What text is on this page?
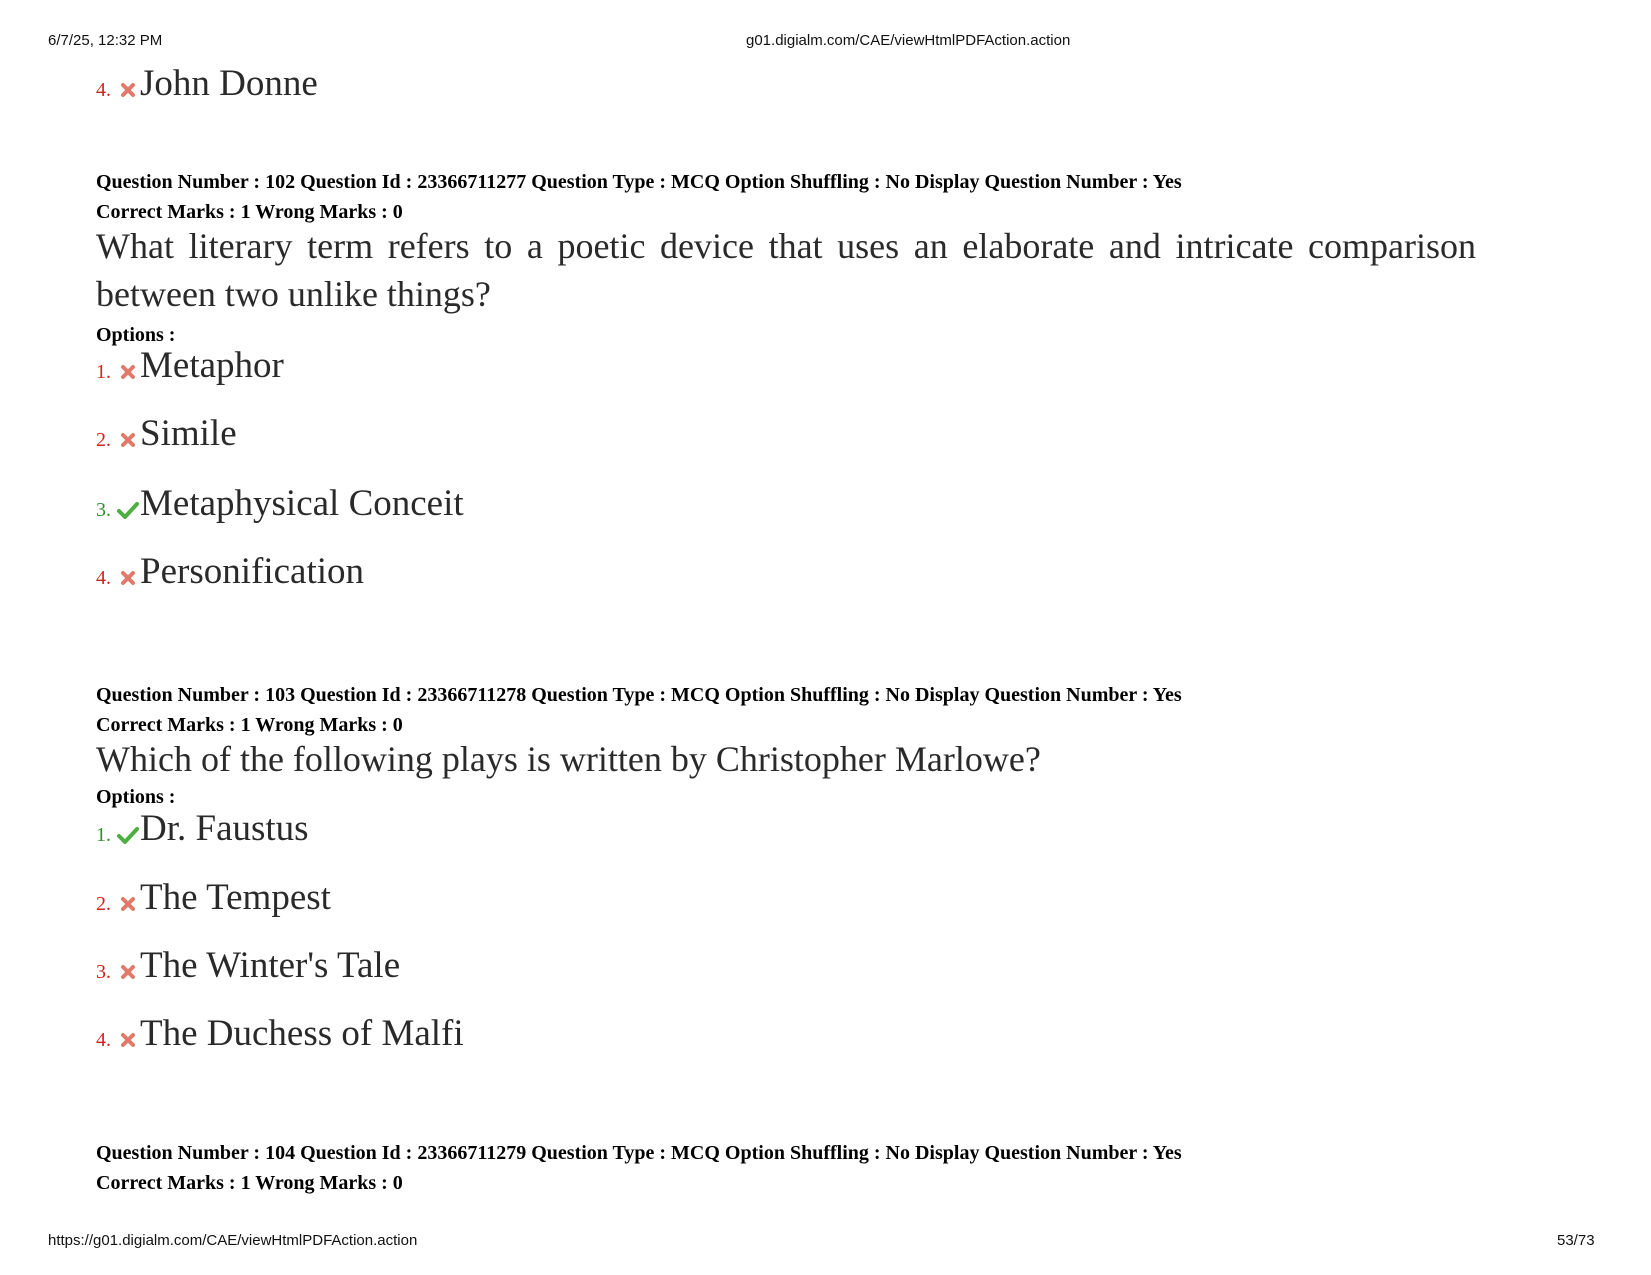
6/7/25, 12:32 PM	g01.digialm.com/CAE/viewHtmlPDFAction.action
4. John Donne
Question Number : 102 Question Id : 23366711277 Question Type : MCQ Option Shuffling : No Display Question Number : Yes
Correct Marks : 1 Wrong Marks : 0
What literary term refers to a poetic device that uses an elaborate and intricate comparison between two unlike things?
Options :
1. Metaphor
2. Simile
3. Metaphysical Conceit
4. Personification
Question Number : 103 Question Id : 23366711278 Question Type : MCQ Option Shuffling : No Display Question Number : Yes
Correct Marks : 1 Wrong Marks : 0
Which of the following plays is written by Christopher Marlowe?
Options :
1. Dr. Faustus
2. The Tempest
3. The Winter's Tale
4. The Duchess of Malfi
Question Number : 104 Question Id : 23366711279 Question Type : MCQ Option Shuffling : No Display Question Number : Yes
Correct Marks : 1 Wrong Marks : 0
https://g01.digialm.com/CAE/viewHtmlPDFAction.action	53/73
